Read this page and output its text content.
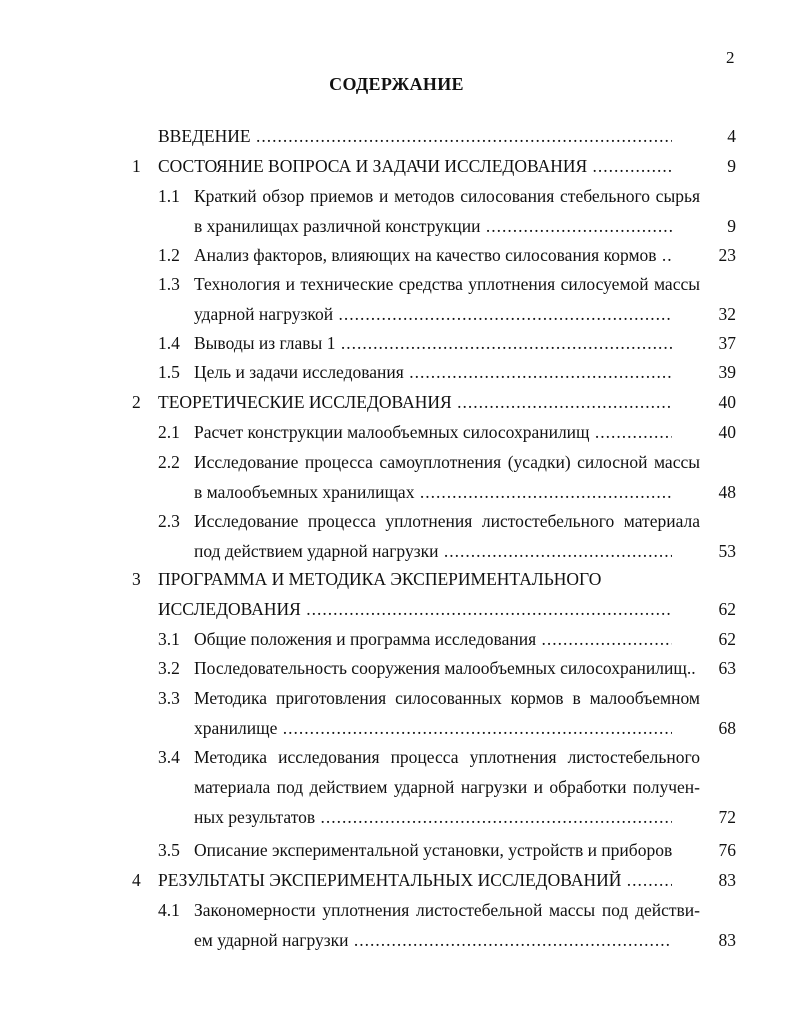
2
СОДЕРЖАНИЕ
ВВЕДЕНИЕ .....	4
1 СОСТОЯНИЕ ВОПРОСА И ЗАДАЧИ ИССЛЕДОВАНИЯ .....	9
1.1 Краткий обзор приемов и методов силосования стебельного сырья
в хранилищах различной конструкции .....	9
1.2 Анализ факторов, влияющих на качество силосования кормов .....	23
1.3 Технология и технические средства уплотнения силосуемой массы
ударной нагрузкой .....	32
1.4 Выводы из главы 1 .....	37
1.5 Цель и задачи исследования .....	39
2 ТЕОРЕТИЧЕСКИЕ ИССЛЕДОВАНИЯ .....	40
2.1 Расчет конструкции малообъемных силосохранилищ .....	40
2.2 Исследование процесса самоуплотнения (усадки) силосной массы
в малообъемных хранилищах .....	48
2.3 Исследование процесса уплотнения листостебельного материала
под действием ударной нагрузки .....	53
3 ПРОГРАММА И МЕТОДИКА ЭКСПЕРИМЕНТАЛЬНОГО
ИССЛЕДОВАНИЯ .....	62
3.1 Общие положения и программа исследования .....	62
3.2 Последовательность сооружения малообъемных силосохранилищ..	63
3.3 Методика приготовления силосованных кормов в малообъемном
хранилище .....	68
3.4 Методика исследования процесса уплотнения листостебельного
материала под действием ударной нагрузки и обработки получен-
ных результатов .....	72
3.5 Описание экспериментальной установки, устройств и приборов .....	76
4 РЕЗУЛЬТАТЫ ЭКСПЕРИМЕНТАЛЬНЫХ ИССЛЕДОВАНИЙ .....	83
4.1 Закономерности уплотнения листостебельной массы под действи-
ем ударной нагрузки .....	83
